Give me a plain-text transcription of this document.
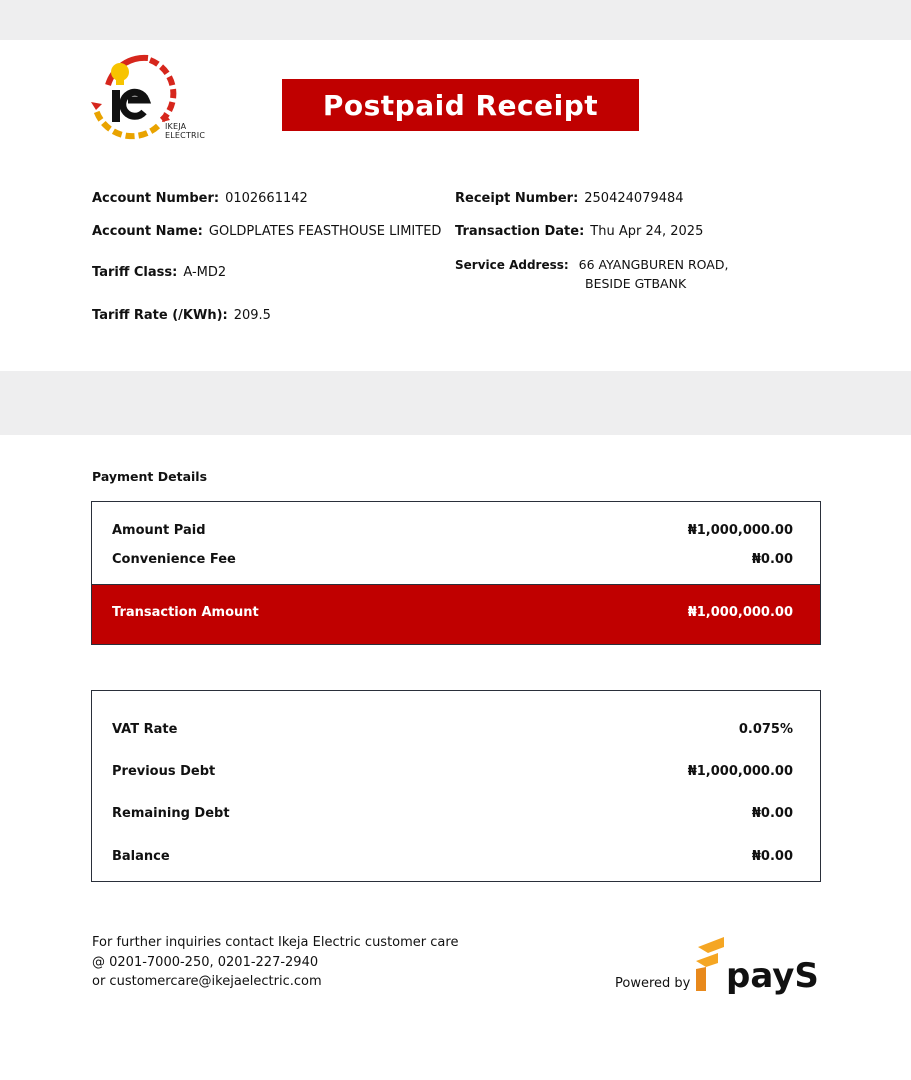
IKEJA
ELECTRIC
Postpaid Receipt
Account Number: 0102661142
Account Name: GOLDPLATES FEASTHOUSE LIMITED
Tariff Class: A-MD2
Tariff Rate (/KWh): 209.5
Receipt Number: 250424079484
Transaction Date: Thu Apr 24, 2025
Service Address: 66 AYANGBUREN ROAD,
BESIDE GTBANK
Payment Details
Amount Paid	₦1,000,000.00
Convenience Fee	₦0.00
Transaction Amount	₦1,000,000.00
VAT Rate	0.075%
Previous Debt	₦1,000,000.00
Remaining Debt	₦0.00
Balance	₦0.00
For further inquiries contact Ikeja Electric customer care
@ 0201-7000-250, 0201-227-2940
or customercare@ikejaelectric.com	Powered by payS
